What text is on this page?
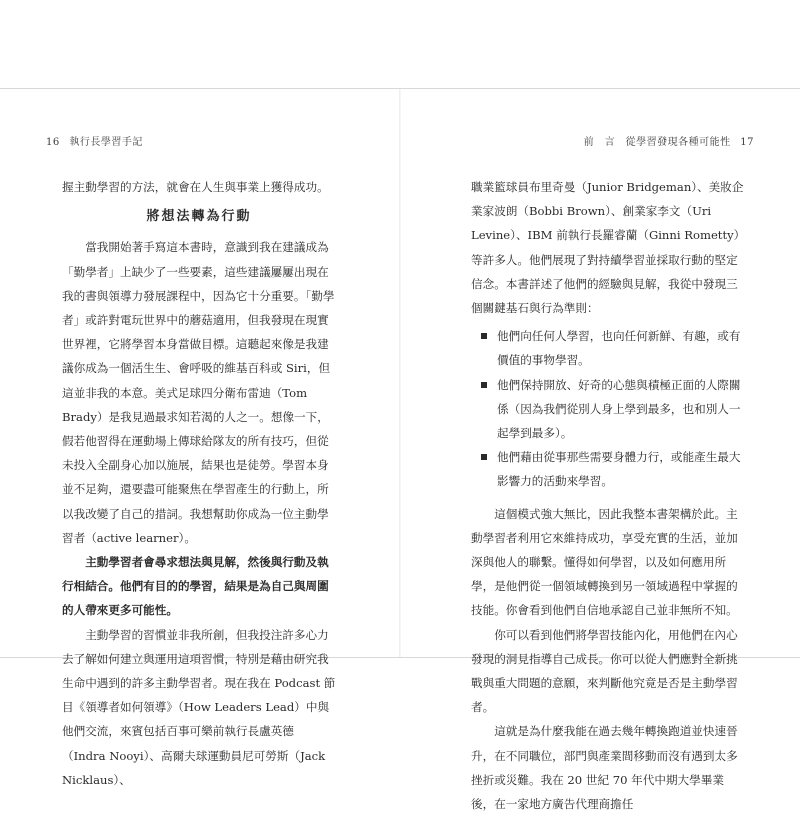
16 執行長學習手記

握主動學習的方法，就會在人生與事業上獲得成功。

將想法轉為行動

當我開始著手寫這本書時，意識到我在建議成為「勤學者」上缺少了一些要素，這些建議屢屢出現在我的書與領導力發展課程中，因為它十分重要。「勤學者」或許對電玩世界中的蘑菇適用，但我發現在現實世界裡，它將學習本身當做目標。這聽起來像是我建議你成為一個活生生、會呼吸的維基百科或 Siri，但這並非我的本意。美式足球四分衛布雷迪（Tom Brady）是我見過最求知若渴的人之一。想像一下，假若他習得在運動場上傳球給隊友的所有技巧，但從未投入全副身心加以施展，結果也是徒勞。學習本身並不足夠，還要盡可能聚焦在學習產生的行動上，所以我改變了自己的措詞。我想幫助你成為一位主動學習者（active learner）。

主動學習者會尋求想法與見解，然後與行動及執行相結合。他們有目的的學習，結果是為自己與周圍的人帶來更多可能性。

主動學習的習慣並非我所創，但我投注許多心力去了解如何建立與運用這項習慣，特別是藉由研究我生命中遇到的許多主動學習者。現在我在 Podcast 節目《領導者如何領導》（How Leaders Lead）中與他們交流，來賓包括百事可樂前執行長盧英德（Indra Nooyi）、高爾夫球運動員尼可勞斯（Jack Nicklaus）、

前　言　從學習發現各種可能性 17

職業籃球員布里奇曼（Junior Bridgeman）、美妝企業家波朗（Bobbi Brown）、創業家李文（Uri Levine）、IBM 前執行長羅睿蘭（Ginni Rometty）等許多人。他們展現了對持續學習並採取行動的堅定信念。本書詳述了他們的經驗與見解，我從中發現三個關鍵基石與行為準則：

他們向任何人學習，也向任何新鮮、有趣，或有價值的事物學習。
他們保持開放、好奇的心態與積極正面的人際關係（因為我們從別人身上學到最多，也和別人一起學到最多）。
他們藉由從事那些需要身體力行，或能產生最大影響力的活動來學習。

這個模式強大無比，因此我整本書架構於此。主動學習者利用它來維持成功，享受充實的生活，並加深與他人的聯繫。懂得如何學習，以及如何應用所學，是他們從一個領域轉換到另一領域過程中掌握的技能。你會看到他們自信地承認自己並非無所不知。

你可以看到他們將學習技能內化，用他們在內心發現的洞見指導自己成長。你可以從人們應對全新挑戰與重大問題的意願，來判斷他究竟是否是主動學習者。

這就是為什麼我能在過去幾年轉換跑道並快速晉升，在不同職位，部門與產業間移動而沒有遇到太多挫折或災難。我在 20 世紀 70 年代中期大學畢業後，在一家地方廣告代理商擔任
